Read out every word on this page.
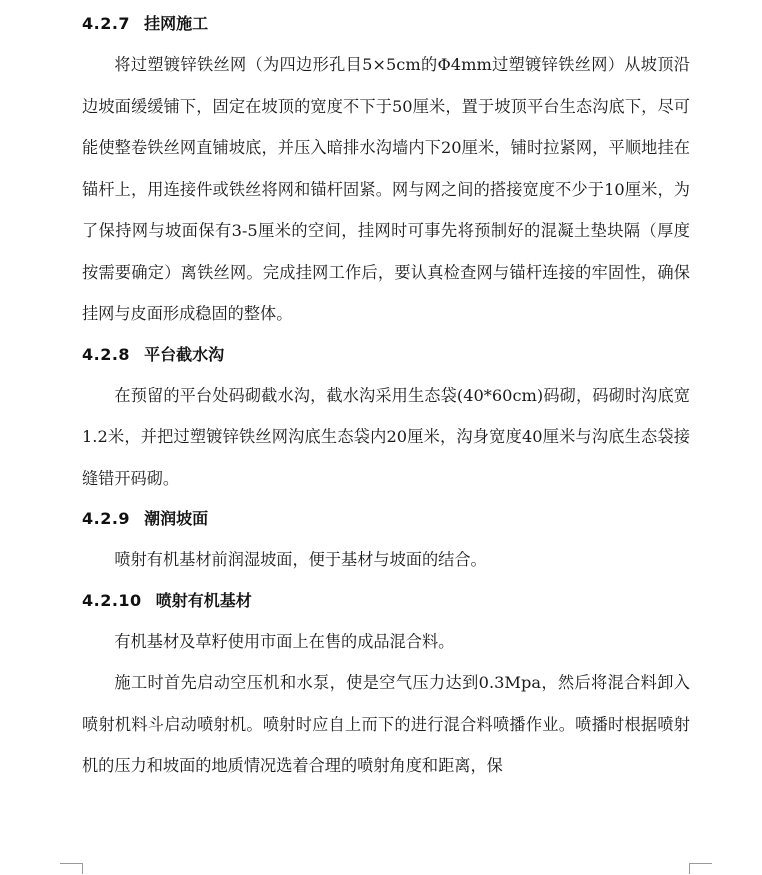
4.2.7 挂网施工

将过塑镀锌铁丝网（为四边形孔目5×5cm的Φ4mm过塑镀锌铁丝网）从坡顶沿边坡面缓缓铺下，固定在坡顶的宽度不下于50厘米，置于坡顶平台生态沟底下，尽可能使整卷铁丝网直铺坡底，并压入暗排水沟墙内下20厘米，铺时拉紧网，平顺地挂在锚杆上，用连接件或铁丝将网和锚杆固紧。网与网之间的搭接宽度不少于10厘米，为了保持网与坡面保有3-5厘米的空间，挂网时可事先将预制好的混凝土垫块隔（厚度按需要确定）离铁丝网。完成挂网工作后，要认真检查网与锚杆连接的牢固性，确保挂网与皮面形成稳固的整体。

4.2.8 平台截水沟

在预留的平台处码砌截水沟，截水沟采用生态袋(40*60cm)码砌，码砌时沟底宽1.2米，并把过塑镀锌铁丝网沟底生态袋内20厘米，沟身宽度40厘米与沟底生态袋接缝错开码砌。

4.2.9 潮润坡面

喷射有机基材前润湿坡面，便于基材与坡面的结合。

4.2.10 喷射有机基材

有机基材及草籽使用市面上在售的成品混合料。

施工时首先启动空压机和水泵，使是空气压力达到0.3Mpa，然后将混合料卸入喷射机料斗启动喷射机。喷射时应自上而下的进行混合料喷播作业。喷播时根据喷射机的压力和坡面的地质情况选着合理的喷射角度和距离，保
